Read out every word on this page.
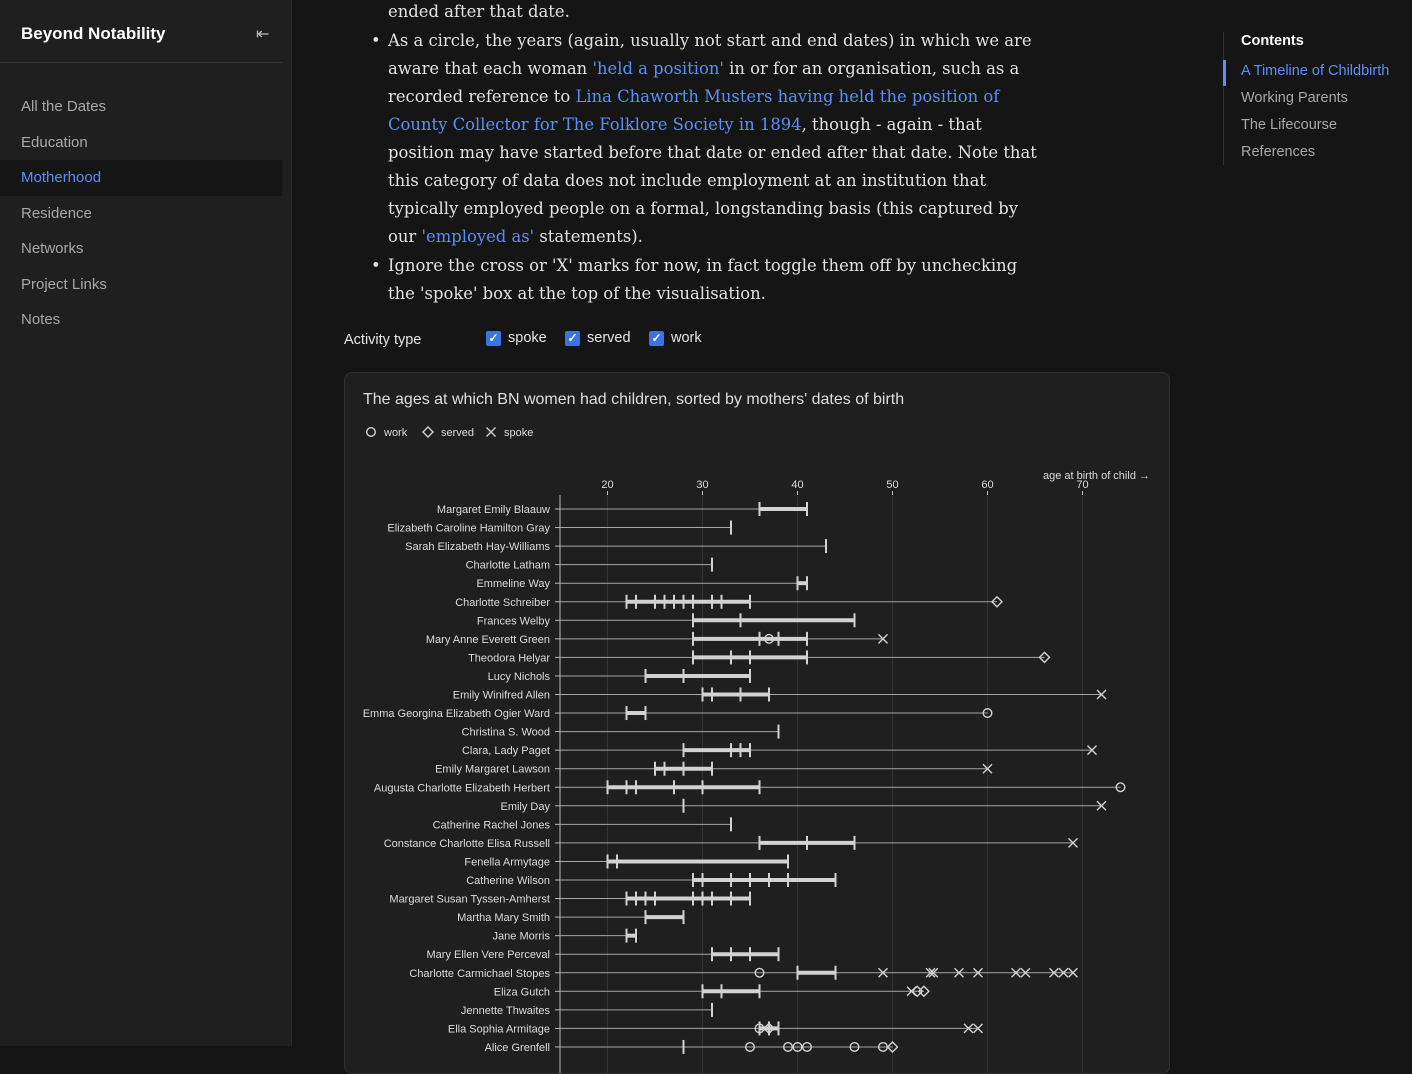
Beyond Notability	⇤
All the Dates
Education
Motherhood
Residence
Networks
Project Links
Notes

ended after that date.

• As a circle, the years (again, usually not start and end dates) in which we are aware that each woman 'held a position' in or for an organisation, such as a recorded reference to Lina Chaworth Musters having held the position of County Collector for The Folklore Society in 1894, though - again - that position may have started before that date or ended after that date. Note that this category of data does not include employment at an institution that typically employed people on a formal, longstanding basis (this captured by our 'employed as' statements).
• Ignore the cross or 'X' marks for now, in fact toggle them off by unchecking the 'spoke' box at the top of the visualisation.
Activity type	✓ spoke ✓ served ✓ work
The ages at which BN women had children, sorted by mothers' dates of birth
work	served	spoke
20	30	40	50	60	70
age at birth of child →
Margaret Emily Blaauw
Elizabeth Caroline Hamilton Gray
Sarah Elizabeth Hay-Williams
Charlotte Latham
Emmeline Way
Charlotte Schreiber
Frances Welby
Mary Anne Everett Green
Theodora Helyar
Lucy Nichols
Emily Winifred Allen
Emma Georgina Elizabeth Ogier Ward
Christina S. Wood
Clara, Lady Paget
Emily Margaret Lawson
Augusta Charlotte Elizabeth Herbert
Emily Day
Catherine Rachel Jones
Constance Charlotte Elisa Russell
Fenella Armytage
Catherine Wilson
Margaret Susan Tyssen-Amherst
Martha Mary Smith
Jane Morris
Mary Ellen Vere Perceval
Charlotte Carmichael Stopes
Eliza Gutch
Jennette Thwaites
Ella Sophia Armitage
Alice Grenfell
Contents
A Timeline of Childbirth
Working Parents
The Lifecourse
References
